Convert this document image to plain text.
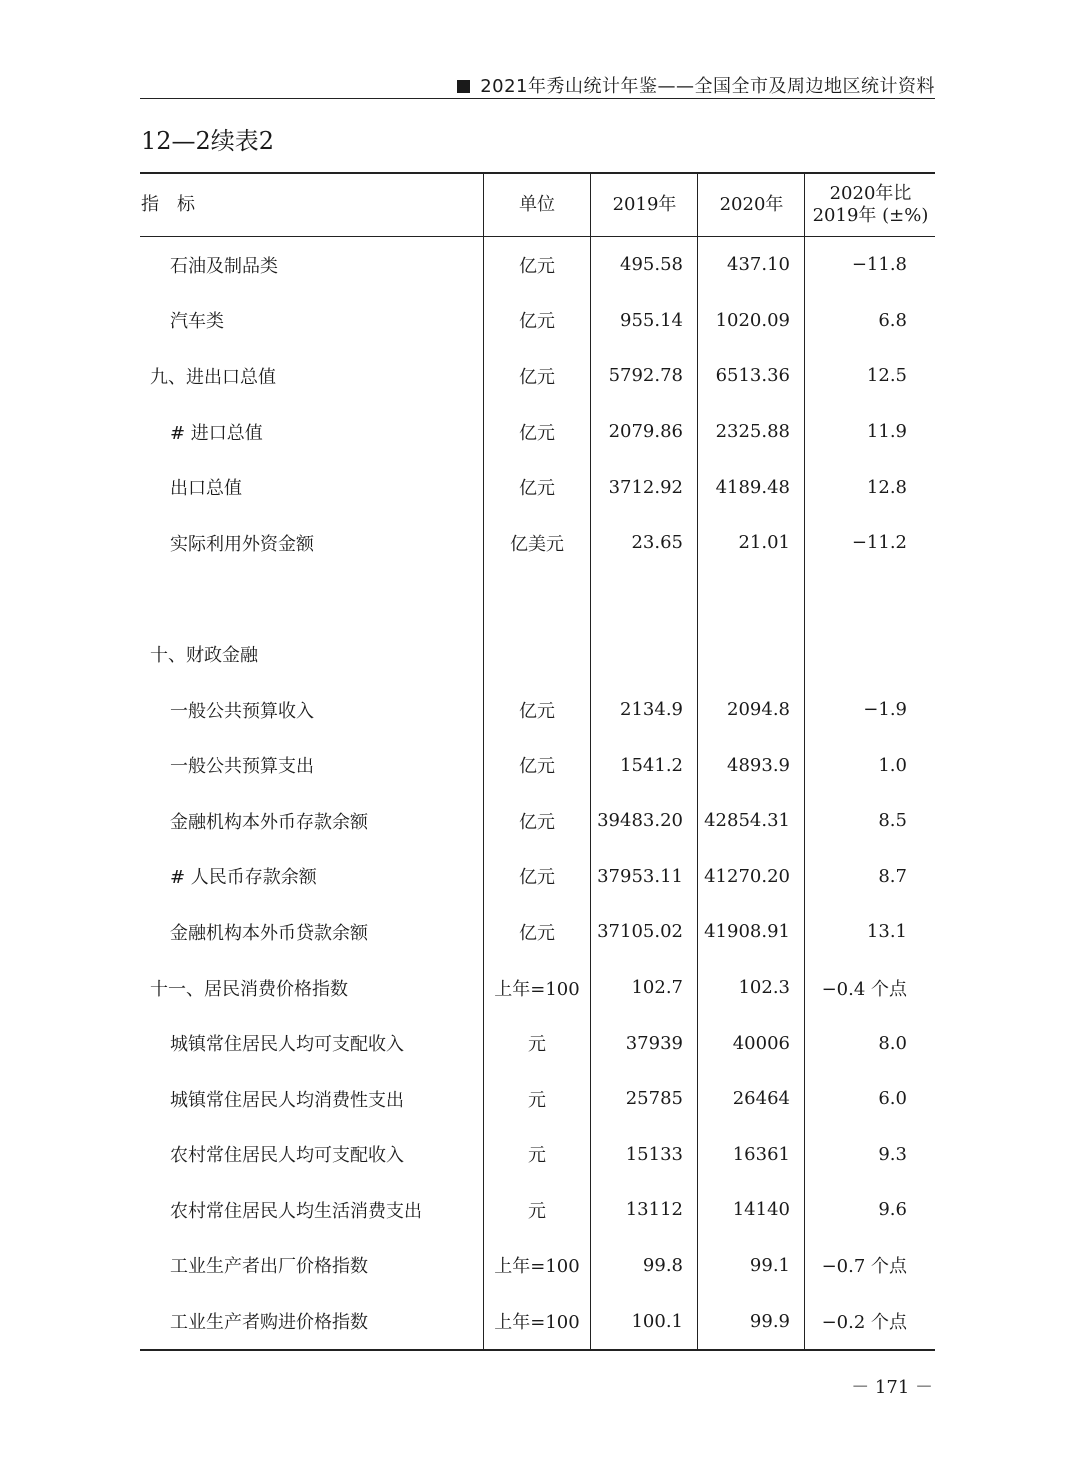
2021年秀山统计年鉴——全国全市及周边地区统计资料
12—2续表2
指　标	单位	2019年	2020年	2020年比
2019年 (±%)
石油及制品类	亿元	495.58	437.10	−11.8
汽车类	亿元	955.14	1020.09	6.8
九、进出口总值	亿元	5792.78	6513.36	12.5
# 进口总值	亿元	2079.86	2325.88	11.9
出口总值	亿元	3712.92	4189.48	12.8
实际利用外资金额	亿美元	23.65	21.01	−11.2

十、财政金融				
一般公共预算收入	亿元	2134.9	2094.8	−1.9
一般公共预算支出	亿元	1541.2	4893.9	1.0
金融机构本外币存款余额	亿元	39483.20	42854.31	8.5
# 人民币存款余额	亿元	37953.11	41270.20	8.7
金融机构本外币贷款余额	亿元	37105.02	41908.91	13.1
十一、居民消费价格指数	上年=100	102.7	102.3	−0.4 个点
城镇常住居民人均可支配收入	元	37939	40006	8.0
城镇常住居民人均消费性支出	元	25785	26464	6.0
农村常住居民人均可支配收入	元	15133	16361	9.3
农村常住居民人均生活消费支出	元	13112	14140	9.6
工业生产者出厂价格指数	上年=100	99.8	99.1	−0.7 个点
工业生产者购进价格指数	上年=100	100.1	99.9	−0.2 个点
－ 171 －
